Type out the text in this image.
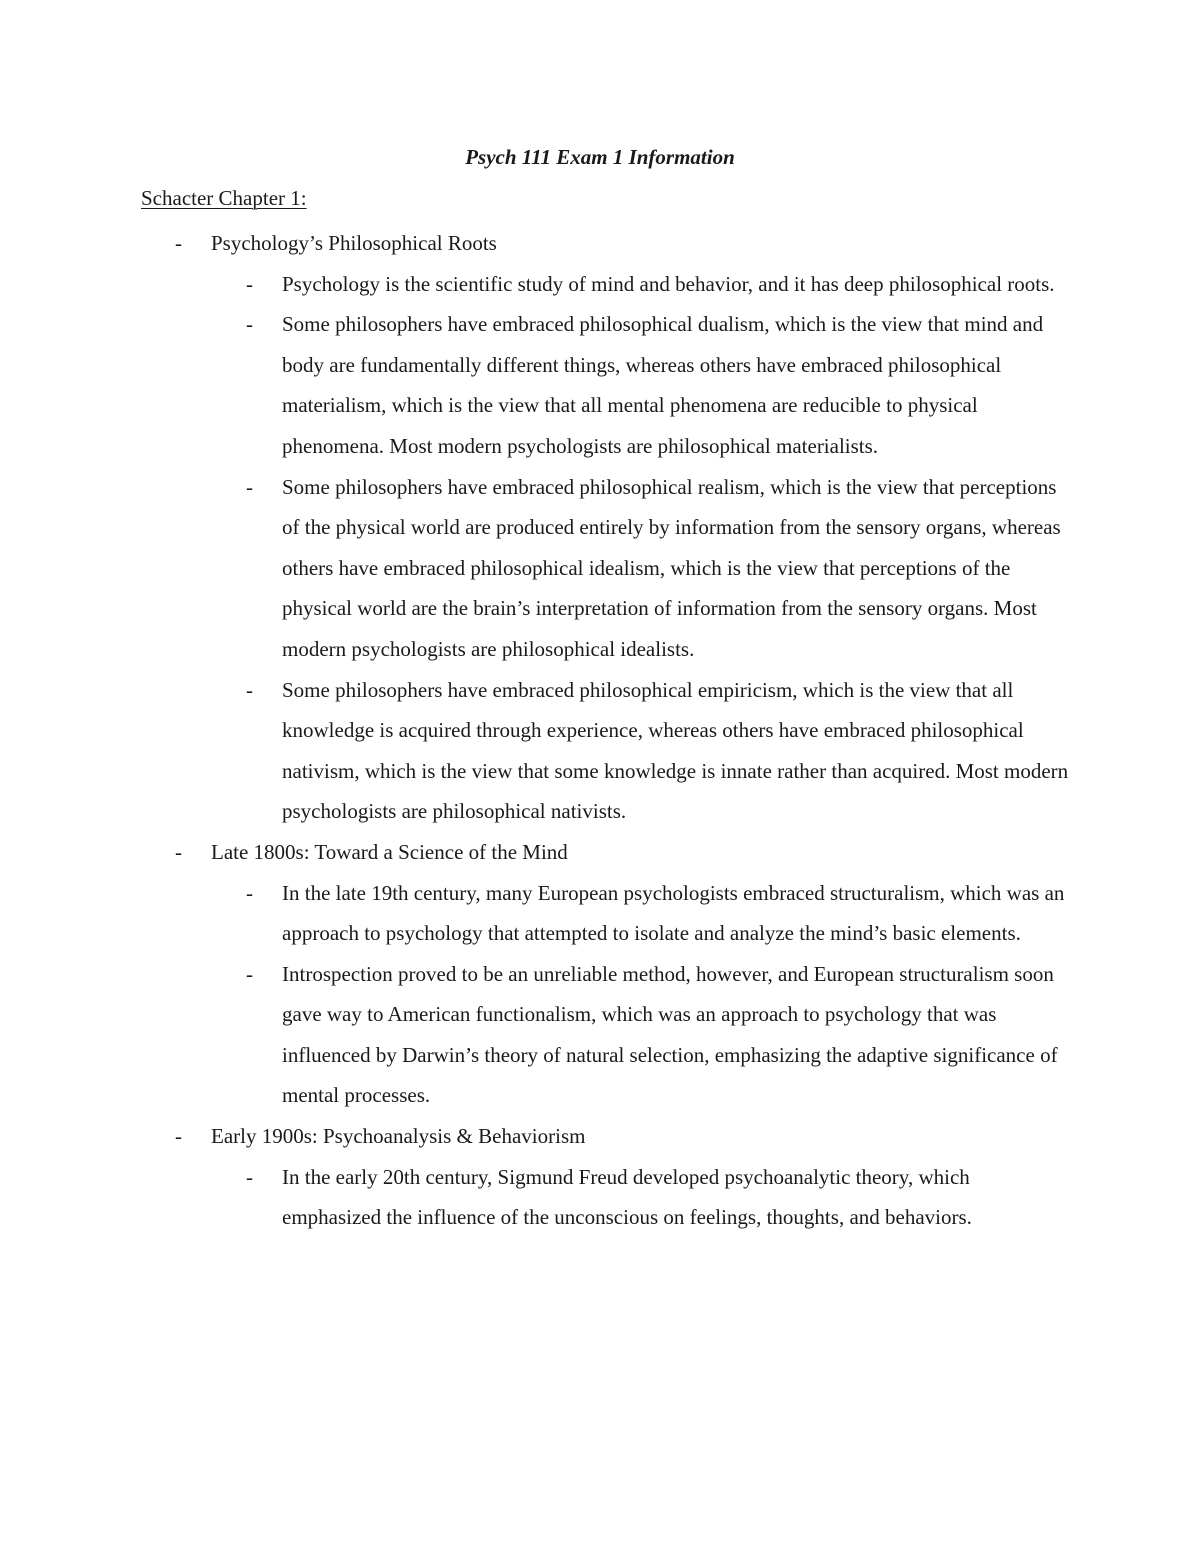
Psych 111 Exam 1 Information
Schacter Chapter 1:
-	Psychology’s Philosophical Roots
-	Psychology is the scientific study of mind and behavior, and it has deep philosophical roots.
-	Some philosophers have embraced philosophical dualism, which is the view that mind and body are fundamentally different things, whereas others have embraced philosophical materialism, which is the view that all mental phenomena are reducible to physical phenomena. Most modern psychologists are philosophical materialists.
-	Some philosophers have embraced philosophical realism, which is the view that perceptions of the physical world are produced entirely by information from the sensory organs, whereas others have embraced philosophical idealism, which is the view that perceptions of the physical world are the brain’s interpretation of information from the sensory organs. Most modern psychologists are philosophical idealists.
-	Some philosophers have embraced philosophical empiricism, which is the view that all knowledge is acquired through experience, whereas others have embraced philosophical nativism, which is the view that some knowledge is innate rather than acquired. Most modern psychologists are philosophical nativists.
-	Late 1800s: Toward a Science of the Mind
-	In the late 19th century, many European psychologists embraced structuralism, which was an approach to psychology that attempted to isolate and analyze the mind’s basic elements.
-	Introspection proved to be an unreliable method, however, and European structuralism soon gave way to American functionalism, which was an approach to psychology that was influenced by Darwin’s theory of natural selection, emphasizing the adaptive significance of mental processes.
-	Early 1900s: Psychoanalysis & Behaviorism
-	In the early 20th century, Sigmund Freud developed psychoanalytic theory, which emphasized the influence of the unconscious on feelings, thoughts, and behaviors.
